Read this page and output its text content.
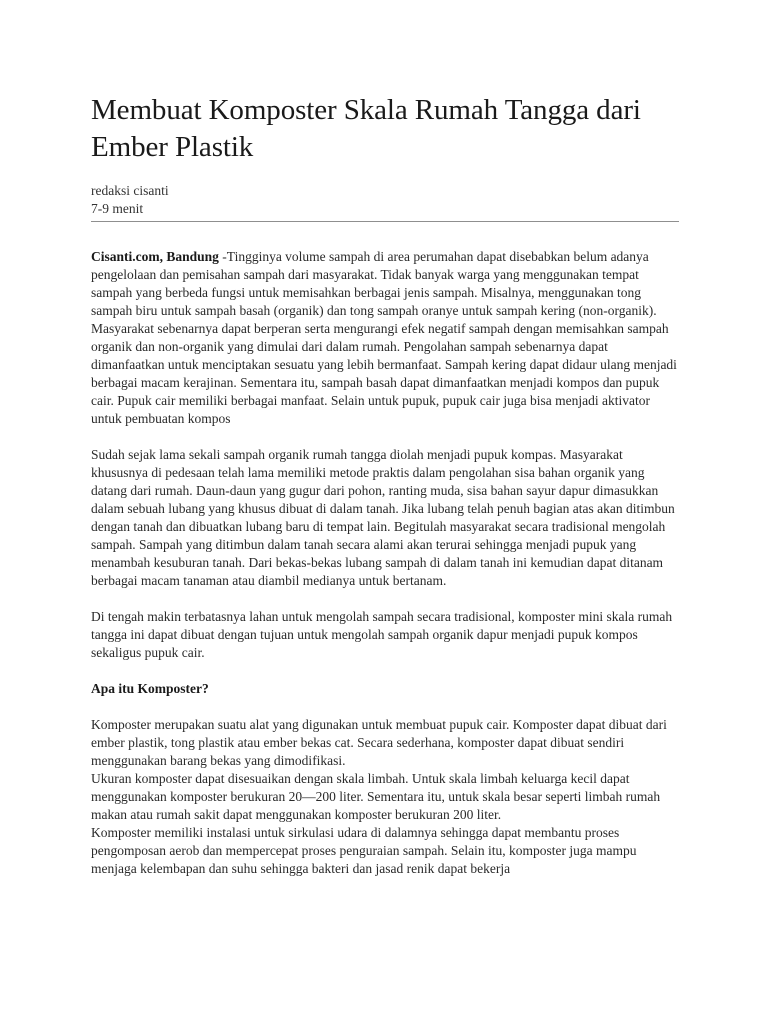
Membuat Komposter Skala Rumah Tangga dari Ember Plastik
redaksi cisanti
7-9 menit

Cisanti.com, Bandung -Tingginya volume sampah di area perumahan dapat disebabkan belum adanya pengelolaan dan pemisahan sampah dari masyarakat. Tidak banyak warga yang menggunakan tempat sampah yang berbeda fungsi untuk memisahkan berbagai jenis sampah. Misalnya, menggunakan tong sampah biru untuk sampah basah (organik) dan tong sampah oranye untuk sampah kering (non-organik).

Masyarakat sebenarnya dapat berperan serta mengurangi efek negatif sampah dengan memisahkan sampah organik dan non-organik yang dimulai dari dalam rumah. Pengolahan sampah sebenarnya dapat dimanfaatkan untuk menciptakan sesuatu yang lebih bermanfaat. Sampah kering dapat didaur ulang menjadi berbagai macam kerajinan. Sementara itu, sampah basah dapat dimanfaatkan menjadi kompos dan pupuk cair. Pupuk cair memiliki berbagai manfaat. Selain untuk pupuk, pupuk cair juga bisa menjadi aktivator untuk pembuatan kompos

Sudah sejak lama sekali sampah organik rumah tangga diolah menjadi pupuk kompas. Masyarakat khususnya di pedesaan telah lama memiliki metode praktis dalam pengolahan sisa bahan organik yang datang dari rumah. Daun-daun yang gugur dari pohon, ranting muda, sisa bahan sayur dapur dimasukkan dalam sebuah lubang yang khusus dibuat di dalam tanah. Jika lubang telah penuh bagian atas akan ditimbun dengan tanah dan dibuatkan lubang baru di tempat lain. Begitulah masyarakat secara tradisional mengolah sampah. Sampah yang ditimbun dalam tanah secara alami akan terurai sehingga menjadi pupuk yang menambah kesuburan tanah. Dari bekas-bekas lubang sampah di dalam tanah ini kemudian dapat ditanam berbagai macam tanaman atau diambil medianya untuk bertanam.

Di tengah makin terbatasnya lahan untuk mengolah sampah secara tradisional, komposter mini skala rumah tangga ini dapat dibuat dengan tujuan untuk mengolah sampah organik dapur menjadi pupuk kompos sekaligus pupuk cair.

Apa itu Komposter?

Komposter merupakan suatu alat yang digunakan untuk membuat pupuk cair. Komposter dapat dibuat dari ember plastik, tong plastik atau ember bekas cat. Secara sederhana, komposter dapat dibuat sendiri menggunakan barang bekas yang dimodifikasi.

Ukuran komposter dapat disesuaikan dengan skala limbah. Untuk skala limbah keluarga kecil dapat menggunakan komposter berukuran 20—200 liter. Sementara itu, untuk skala besar seperti limbah rumah makan atau rumah sakit dapat menggunakan komposter berukuran 200 liter.

Komposter memiliki instalasi untuk sirkulasi udara di dalamnya sehingga dapat membantu proses pengomposan aerob dan mempercepat proses penguraian sampah. Selain itu, komposter juga mampu menjaga kelembapan dan suhu sehingga bakteri dan jasad renik dapat bekerja
